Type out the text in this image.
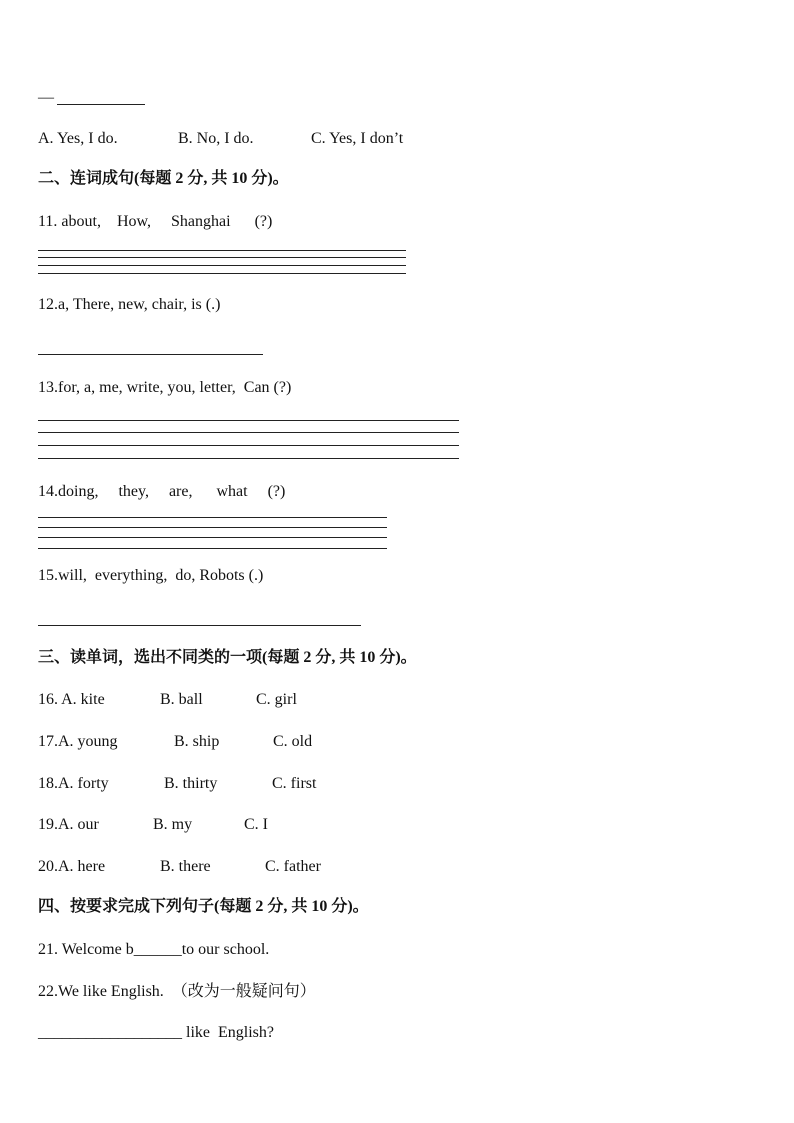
—
A. Yes, I do.	B. No, I do.	C. Yes, I don’t
二、连词成句(每题 2 分, 共 10 分)。
11. about,    How,     Shanghai      (?)
12.a, There, new, chair, is (.)
13.for, a, me, write, you, letter,  Can (?)
14.doing,     they,     are,      what     (?)
15.will,  everything,  do, Robots (.)
三、读单词，选出不同类的一项(每题 2 分, 共 10 分)。
16. A. kite	B. ball	C. girl
17.A. young	B. ship	C. old
18.A. forty	B. thirty	C. first
19.A. our	B. my	C. I
20.A. here	B. there	C. father
四、按要求完成下列句子(每题 2 分, 共 10 分)。
21. Welcome b______to our school.
22.We like English.  （改为一般疑问句）
__________________ like  English?
